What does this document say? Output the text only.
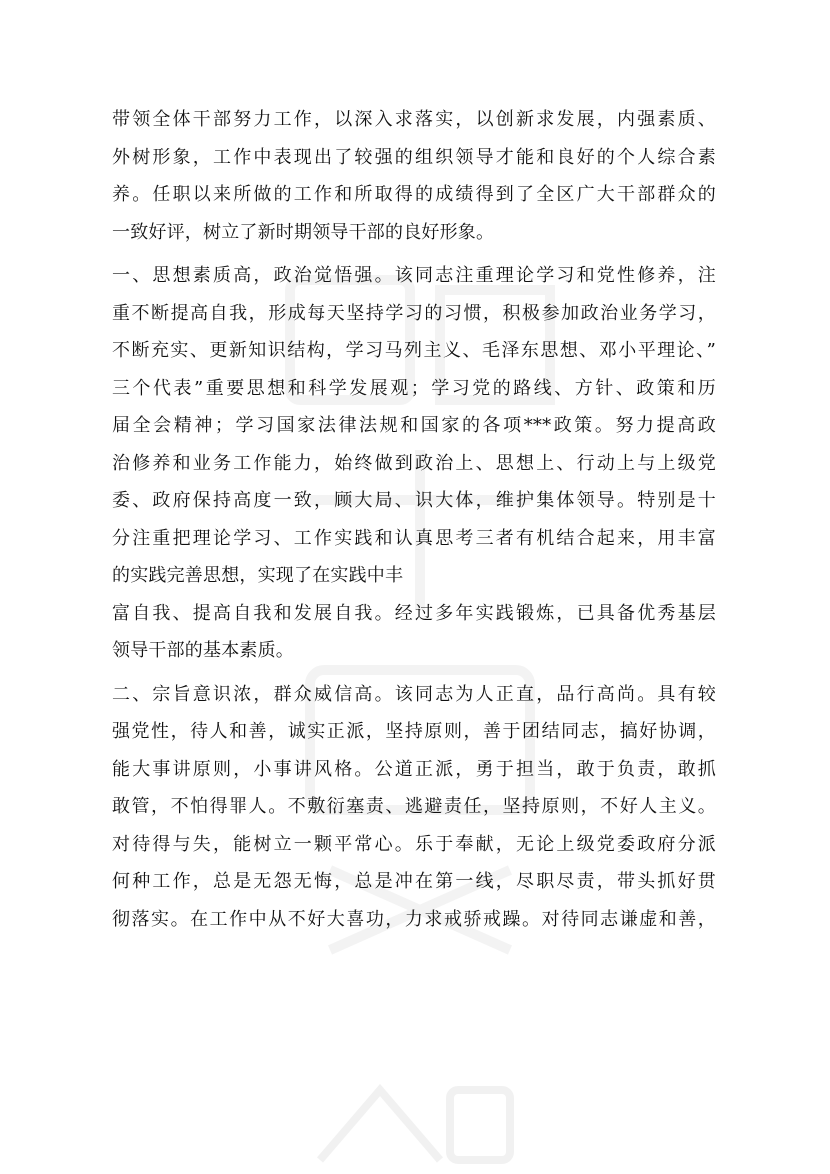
带领全体干部努力工作，以深入求落实，以创新求发展，内强素质、
外树形象，工作中表现出了较强的组织领导才能和良好的个人综合素
养。任职以来所做的工作和所取得的成绩得到了全区广大干部群众的
一致好评，树立了新时期领导干部的良好形象。
一、思想素质高，政治觉悟强。该同志注重理论学习和党性修养，注
重不断提高自我，形成每天坚持学习的习惯，积极参加政治业务学习，
不断充实、更新知识结构，学习马列主义、毛泽东思想、邓小平理论、”
三个代表”重要思想和科学发展观；学习党的路线、方针、政策和历
届全会精神；学习国家法律法规和国家的各项***政策。努力提高政
治修养和业务工作能力，始终做到政治上、思想上、行动上与上级党
委、政府保持高度一致，顾大局、识大体，维护集体领导。特别是十
分注重把理论学习、工作实践和认真思考三者有机结合起来，用丰富
的实践完善思想，实现了在实践中丰
富自我、提高自我和发展自我。经过多年实践锻炼，已具备优秀基层
领导干部的基本素质。
二、宗旨意识浓，群众威信高。该同志为人正直，品行高尚。具有较
强党性，待人和善，诚实正派，坚持原则，善于团结同志，搞好协调，
能大事讲原则，小事讲风格。公道正派，勇于担当，敢于负责，敢抓
敢管，不怕得罪人。不敷衍塞责、逃避责任，坚持原则，不好人主义。
对待得与失，能树立一颗平常心。乐于奉献，无论上级党委政府分派
何种工作，总是无怨无悔，总是冲在第一线，尽职尽责，带头抓好贯
彻落实。在工作中从不好大喜功，力求戒骄戒躁。对待同志谦虚和善，
